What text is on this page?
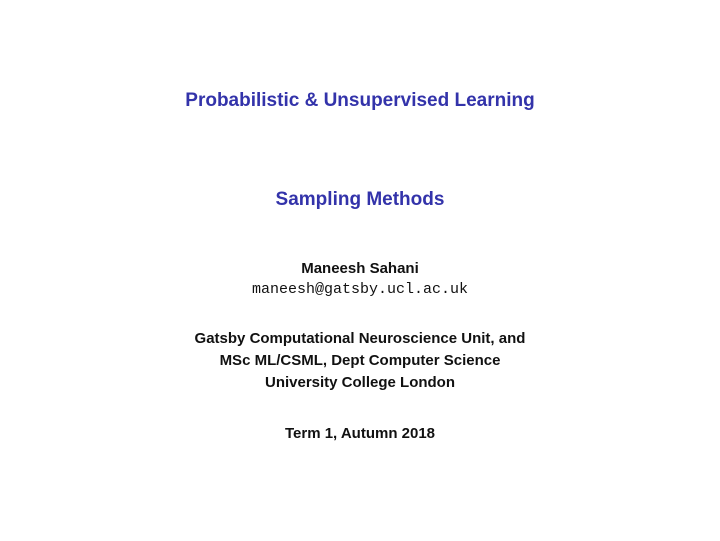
Probabilistic & Unsupervised Learning
Sampling Methods
Maneesh Sahani
maneesh@gatsby.ucl.ac.uk
Gatsby Computational Neuroscience Unit, and
MSc ML/CSML, Dept Computer Science
University College London
Term 1, Autumn 2018
